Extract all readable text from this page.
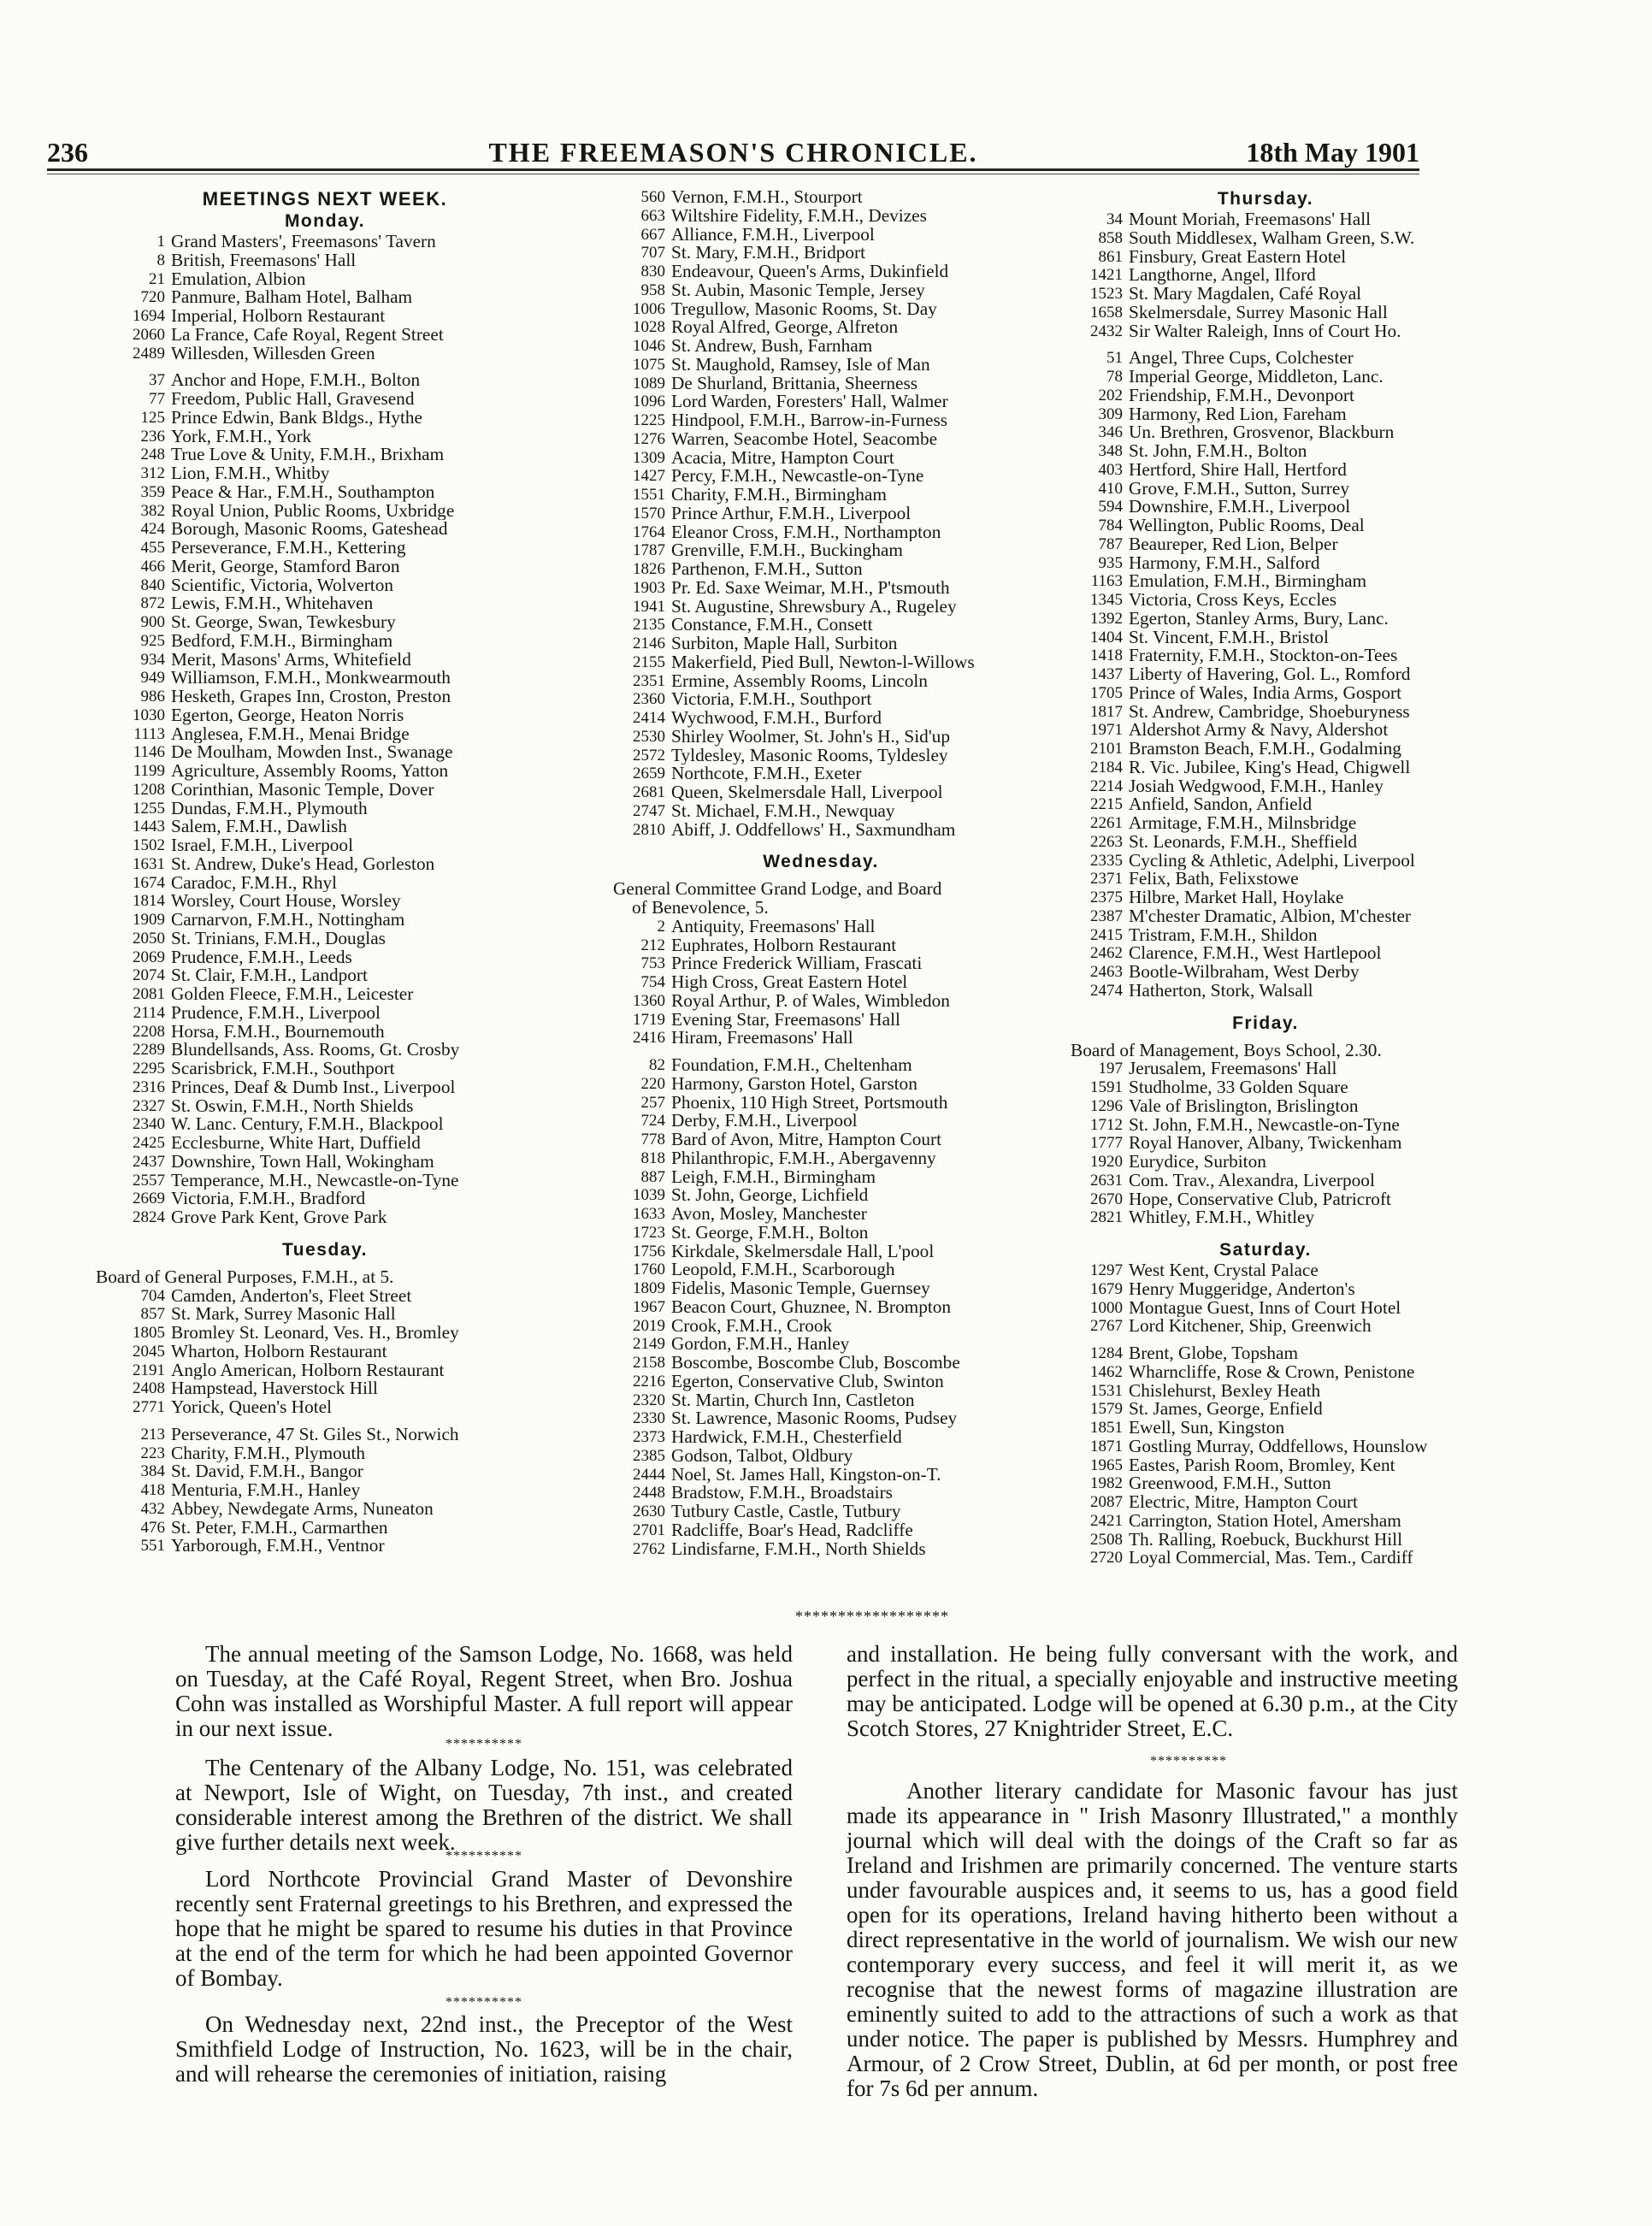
236	THE FREEMASON'S CHRONICLE.	18th May 1901
MEETINGS NEXT WEEK.
Monday.
1 Grand Masters', Freemasons' Tavern
8 British, Freemasons' Hall
21 Emulation, Albion
720 Panmure, Balham Hotel, Balham
1694 Imperial, Holborn Restaurant
2060 La France, Cafe Royal, Regent Street
2489 Willesden, Willesden Green
37 Anchor and Hope, F.M.H., Bolton
77 Freedom, Public Hall, Gravesend
125 Prince Edwin, Bank Bldgs., Hythe
236 York, F.M.H., York
248 True Love & Unity, F.M.H., Brixham
312 Lion, F.M.H., Whitby
359 Peace & Har., F.M.H., Southampton
382 Royal Union, Public Rooms, Uxbridge
424 Borough, Masonic Rooms, Gateshead
455 Perseverance, F.M.H., Kettering
466 Merit, George, Stamford Baron
840 Scientific, Victoria, Wolverton
872 Lewis, F.M.H., Whitehaven
900 St. George, Swan, Tewkesbury
925 Bedford, F.M.H., Birmingham
934 Merit, Masons' Arms, Whitefield
949 Williamson, F.M.H., Monkwearmouth
986 Hesketh, Grapes Inn, Croston, Preston
1030 Egerton, George, Heaton Norris
1113 Anglesea, F.M.H., Menai Bridge
1146 De Moulham, Mowden Inst., Swanage
1199 Agriculture, Assembly Rooms, Yatton
1208 Corinthian, Masonic Temple, Dover
1255 Dundas, F.M.H., Plymouth
1443 Salem, F.M.H., Dawlish
1502 Israel, F.M.H., Liverpool
1631 St. Andrew, Duke's Head, Gorleston
1674 Caradoc, F.M.H., Rhyl
1814 Worsley, Court House, Worsley
1909 Carnarvon, F.M.H., Nottingham
2050 St. Trinians, F.M.H., Douglas
2069 Prudence, F.M.H., Leeds
2074 St. Clair, F.M.H., Landport
2081 Golden Fleece, F.M.H., Leicester
2114 Prudence, F.M.H., Liverpool
2208 Horsa, F.M.H., Bournemouth
2289 Blundellsands, Ass. Rooms, Gt. Crosby
2295 Scarisbrick, F.M.H., Southport
2316 Princes, Deaf & Dumb Inst., Liverpool
2327 St. Oswin, F.M.H., North Shields
2340 W. Lanc. Century, F.M.H., Blackpool
2425 Ecclesburne, White Hart, Duffield
2437 Downshire, Town Hall, Wokingham
2557 Temperance, M.H., Newcastle-on-Tyne
2669 Victoria, F.M.H., Bradford
2824 Grove Park Kent, Grove Park
Tuesday.
Board of General Purposes, F.M.H., at 5.
704 Camden, Anderton's, Fleet Street
857 St. Mark, Surrey Masonic Hall
1805 Bromley St. Leonard, Ves. H., Bromley
2045 Wharton, Holborn Restaurant
2191 Anglo American, Holborn Restaurant
2408 Hampstead, Haverstock Hill
2771 Yorick, Queen's Hotel
213 Perseverance, 47 St. Giles St., Norwich
223 Charity, F.M.H., Plymouth
384 St. David, F.M.H., Bangor
418 Menturia, F.M.H., Hanley
432 Abbey, Newdegate Arms, Nuneaton
476 St. Peter, F.M.H., Carmarthen
551 Yarborough, F.M.H., Ventnor
560 Vernon, F.M.H., Stourport
663 Wiltshire Fidelity, F.M.H., Devizes
667 Alliance, F.M.H., Liverpool
707 St. Mary, F.M.H., Bridport
830 Endeavour, Queen's Arms, Dukinfield
958 St. Aubin, Masonic Temple, Jersey
1006 Tregullow, Masonic Rooms, St. Day
1028 Royal Alfred, George, Alfreton
1046 St. Andrew, Bush, Farnham
1075 St. Maughold, Ramsey, Isle of Man
1089 De Shurland, Brittania, Sheerness
1096 Lord Warden, Foresters' Hall, Walmer
1225 Hindpool, F.M.H., Barrow-in-Furness
1276 Warren, Seacombe Hotel, Seacombe
1309 Acacia, Mitre, Hampton Court
1427 Percy, F.M.H., Newcastle-on-Tyne
1551 Charity, F.M.H., Birmingham
1570 Prince Arthur, F.M.H., Liverpool
1764 Eleanor Cross, F.M.H., Northampton
1787 Grenville, F.M.H., Buckingham
1826 Parthenon, F.M.H., Sutton
1903 Pr. Ed. Saxe Weimar, M.H., P'tsmouth
1941 St. Augustine, Shrewsbury A., Rugeley
2135 Constance, F.M.H., Consett
2146 Surbiton, Maple Hall, Surbiton
2155 Makerfield, Pied Bull, Newton-l-Willows
2351 Ermine, Assembly Rooms, Lincoln
2360 Victoria, F.M.H., Southport
2414 Wychwood, F.M.H., Burford
2530 Shirley Woolmer, St. John's H., Sid'up
2572 Tyldesley, Masonic Rooms, Tyldesley
2659 Northcote, F.M.H., Exeter
2681 Queen, Skelmersdale Hall, Liverpool
2747 St. Michael, F.M.H., Newquay
2810 Abiff, J. Oddfellows' H., Saxmundham
Wednesday.
General Committee Grand Lodge, and Board
of Benevolence, 5.
2 Antiquity, Freemasons' Hall
212 Euphrates, Holborn Restaurant
753 Prince Frederick William, Frascati
754 High Cross, Great Eastern Hotel
1360 Royal Arthur, P. of Wales, Wimbledon
1719 Evening Star, Freemasons' Hall
2416 Hiram, Freemasons' Hall
82 Foundation, F.M.H., Cheltenham
220 Harmony, Garston Hotel, Garston
257 Phoenix, 110 High Street, Portsmouth
724 Derby, F.M.H., Liverpool
778 Bard of Avon, Mitre, Hampton Court
818 Philanthropic, F.M.H., Abergavenny
887 Leigh, F.M.H., Birmingham
1039 St. John, George, Lichfield
1633 Avon, Mosley, Manchester
1723 St. George, F.M.H., Bolton
1756 Kirkdale, Skelmersdale Hall, L'pool
1760 Leopold, F.M.H., Scarborough
1809 Fidelis, Masonic Temple, Guernsey
1967 Beacon Court, Ghuznee, N. Brompton
2019 Crook, F.M.H., Crook
2149 Gordon, F.M.H., Hanley
2158 Boscombe, Boscombe Club, Boscombe
2216 Egerton, Conservative Club, Swinton
2320 St. Martin, Church Inn, Castleton
2330 St. Lawrence, Masonic Rooms, Pudsey
2373 Hardwick, F.M.H., Chesterfield
2385 Godson, Talbot, Oldbury
2444 Noel, St. James Hall, Kingston-on-T.
2448 Bradstow, F.M.H., Broadstairs
2630 Tutbury Castle, Castle, Tutbury
2701 Radcliffe, Boar's Head, Radcliffe
2762 Lindisfarne, F.M.H., North Shields
Thursday.
34 Mount Moriah, Freemasons' Hall
858 South Middlesex, Walham Green, S.W.
861 Finsbury, Great Eastern Hotel
1421 Langthorne, Angel, Ilford
1523 St. Mary Magdalen, Café Royal
1658 Skelmersdale, Surrey Masonic Hall
2432 Sir Walter Raleigh, Inns of Court Ho.
51 Angel, Three Cups, Colchester
78 Imperial George, Middleton, Lanc.
202 Friendship, F.M.H., Devonport
309 Harmony, Red Lion, Fareham
346 Un. Brethren, Grosvenor, Blackburn
348 St. John, F.M.H., Bolton
403 Hertford, Shire Hall, Hertford
410 Grove, F.M.H., Sutton, Surrey
594 Downshire, F.M.H., Liverpool
784 Wellington, Public Rooms, Deal
787 Beaureper, Red Lion, Belper
935 Harmony, F.M.H., Salford
1163 Emulation, F.M.H., Birmingham
1345 Victoria, Cross Keys, Eccles
1392 Egerton, Stanley Arms, Bury, Lanc.
1404 St. Vincent, F.M.H., Bristol
1418 Fraternity, F.M.H., Stockton-on-Tees
1437 Liberty of Havering, Gol. L., Romford
1705 Prince of Wales, India Arms, Gosport
1817 St. Andrew, Cambridge, Shoeburyness
1971 Aldershot Army & Navy, Aldershot
2101 Bramston Beach, F.M.H., Godalming
2184 R. Vic. Jubilee, King's Head, Chigwell
2214 Josiah Wedgwood, F.M.H., Hanley
2215 Anfield, Sandon, Anfield
2261 Armitage, F.M.H., Milnsbridge
2263 St. Leonards, F.M.H., Sheffield
2335 Cycling & Athletic, Adelphi, Liverpool
2371 Felix, Bath, Felixstowe
2375 Hilbre, Market Hall, Hoylake
2387 M'chester Dramatic, Albion, M'chester
2415 Tristram, F.M.H., Shildon
2462 Clarence, F.M.H., West Hartlepool
2463 Bootle-Wilbraham, West Derby
2474 Hatherton, Stork, Walsall
Friday.
Board of Management, Boys School, 2.30.
197 Jerusalem, Freemasons' Hall
1591 Studholme, 33 Golden Square
1296 Vale of Brislington, Brislington
1712 St. John, F.M.H., Newcastle-on-Tyne
1777 Royal Hanover, Albany, Twickenham
1920 Eurydice, Surbiton
2631 Com. Trav., Alexandra, Liverpool
2670 Hope, Conservative Club, Patricroft
2821 Whitley, F.M.H., Whitley
Saturday.
1297 West Kent, Crystal Palace
1679 Henry Muggeridge, Anderton's
1000 Montague Guest, Inns of Court Hotel
2767 Lord Kitchener, Ship, Greenwich
1284 Brent, Globe, Topsham
1462 Wharncliffe, Rose & Crown, Penistone
1531 Chislehurst, Bexley Heath
1579 St. James, George, Enfield
1851 Ewell, Sun, Kingston
1871 Gostling Murray, Oddfellows, Hounslow
1965 Eastes, Parish Room, Bromley, Kent
1982 Greenwood, F.M.H., Sutton
2087 Electric, Mitre, Hampton Court
2421 Carrington, Station Hotel, Amersham
2508 Th. Ralling, Roebuck, Buckhurst Hill
2720 Loyal Commercial, Mas. Tem., Cardiff
******************
The annual meeting of the Samson Lodge, No. 1668, was held on Tuesday, at the Café Royal, Regent Street, when Bro. Joshua Cohn was installed as Worshipful Master. A full report will appear in our next issue.
**********
The Centenary of the Albany Lodge, No. 151, was celebrated at Newport, Isle of Wight, on Tuesday, 7th inst., and created considerable interest among the Brethren of the district. We shall give further details next week.
**********
Lord Northcote Provincial Grand Master of Devonshire recently sent Fraternal greetings to his Brethren, and expressed the hope that he might be spared to resume his duties in that Province at the end of the term for which he had been appointed Governor of Bombay.
**********
On Wednesday next, 22nd inst., the Preceptor of the West Smithfield Lodge of Instruction, No. 1623, will be in the chair, and will rehearse the ceremonies of initiation, raising
and installation. He being fully conversant with the work, and perfect in the ritual, a specially enjoyable and instructive meeting may be anticipated. Lodge will be opened at 6.30 p.m., at the City Scotch Stores, 27 Knightrider Street, E.C.
**********
Another literary candidate for Masonic favour has just made its appearance in " Irish Masonry Illustrated," a monthly journal which will deal with the doings of the Craft so far as Ireland and Irishmen are primarily concerned. The venture starts under favourable auspices and, it seems to us, has a good field open for its operations, Ireland having hitherto been without a direct representative in the world of journalism. We wish our new contemporary every success, and feel it will merit it, as we recognise that the newest forms of magazine illustration are eminently suited to add to the attractions of such a work as that under notice. The paper is published by Messrs. Humphrey and Armour, of 2 Crow Street, Dublin, at 6d per month, or post free for 7s 6d per annum.
